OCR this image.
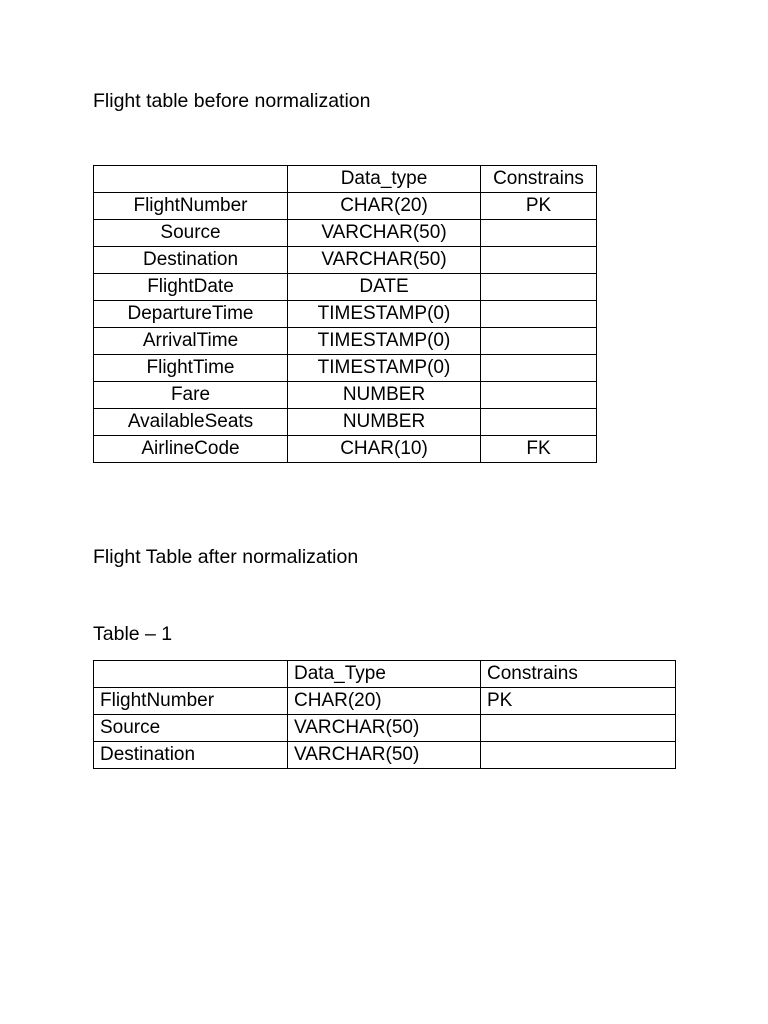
Flight table before normalization
	Data_type	Constrains
FlightNumber	CHAR(20)	PK
Source	VARCHAR(50)	
Destination	VARCHAR(50)	
FlightDate	DATE	
DepartureTime	TIMESTAMP(0)	
ArrivalTime	TIMESTAMP(0)	
FlightTime	TIMESTAMP(0)	
Fare	NUMBER	
AvailableSeats	NUMBER	
AirlineCode	CHAR(10)	FK
Flight Table after normalization
Table – 1
	Data_Type	Constrains
FlightNumber	CHAR(20)	PK
Source	VARCHAR(50)	
Destination	VARCHAR(50)	
